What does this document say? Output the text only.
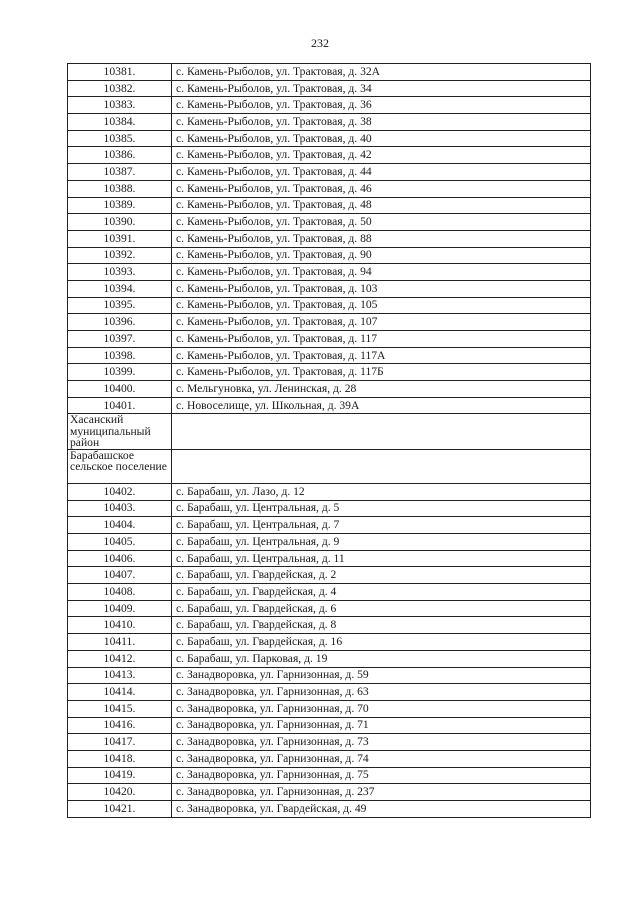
232
10381.	с. Камень-Рыболов, ул. Трактовая, д. 32А
10382.	с. Камень-Рыболов, ул. Трактовая, д. 34
10383.	с. Камень-Рыболов, ул. Трактовая, д. 36
10384.	с. Камень-Рыболов, ул. Трактовая, д. 38
10385.	с. Камень-Рыболов, ул. Трактовая, д. 40
10386.	с. Камень-Рыболов, ул. Трактовая, д. 42
10387.	с. Камень-Рыболов, ул. Трактовая, д. 44
10388.	с. Камень-Рыболов, ул. Трактовая, д. 46
10389.	с. Камень-Рыболов, ул. Трактовая, д. 48
10390.	с. Камень-Рыболов, ул. Трактовая, д. 50
10391.	с. Камень-Рыболов, ул. Трактовая, д. 88
10392.	с. Камень-Рыболов, ул. Трактовая, д. 90
10393.	с. Камень-Рыболов, ул. Трактовая, д. 94
10394.	с. Камень-Рыболов, ул. Трактовая, д. 103
10395.	с. Камень-Рыболов, ул. Трактовая, д. 105
10396.	с. Камень-Рыболов, ул. Трактовая, д. 107
10397.	с. Камень-Рыболов, ул. Трактовая, д. 117
10398.	с. Камень-Рыболов, ул. Трактовая, д. 117А
10399.	с. Камень-Рыболов, ул. Трактовая, д. 117Б
10400.	с. Мельгуновка, ул. Ленинская, д. 28
10401.	с. Новоселище, ул. Школьная, д. 39А
Хасанский муниципальный район	
Барабашское сельское поселение	
10402.	с. Барабаш, ул. Лазо, д. 12
10403.	с. Барабаш, ул. Центральная, д. 5
10404.	с. Барабаш, ул. Центральная, д. 7
10405.	с. Барабаш, ул. Центральная, д. 9
10406.	с. Барабаш, ул. Центральная, д. 11
10407.	с. Барабаш, ул. Гвардейская, д. 2
10408.	с. Барабаш, ул. Гвардейская, д. 4
10409.	с. Барабаш, ул. Гвардейская, д. 6
10410.	с. Барабаш, ул. Гвардейская, д. 8
10411.	с. Барабаш, ул. Гвардейская, д. 16
10412.	с. Барабаш, ул. Парковая, д. 19
10413.	с. Занадворовка, ул. Гарнизонная, д. 59
10414.	с. Занадворовка, ул. Гарнизонная, д. 63
10415.	с. Занадворовка, ул. Гарнизонная, д. 70
10416.	с. Занадворовка, ул. Гарнизонная, д. 71
10417.	с. Занадворовка, ул. Гарнизонная, д. 73
10418.	с. Занадворовка, ул. Гарнизонная, д. 74
10419.	с. Занадворовка, ул. Гарнизонная, д. 75
10420.	с. Занадворовка, ул. Гарнизонная, д. 237
10421.	с. Занадворовка, ул. Гвардейская, д. 49
